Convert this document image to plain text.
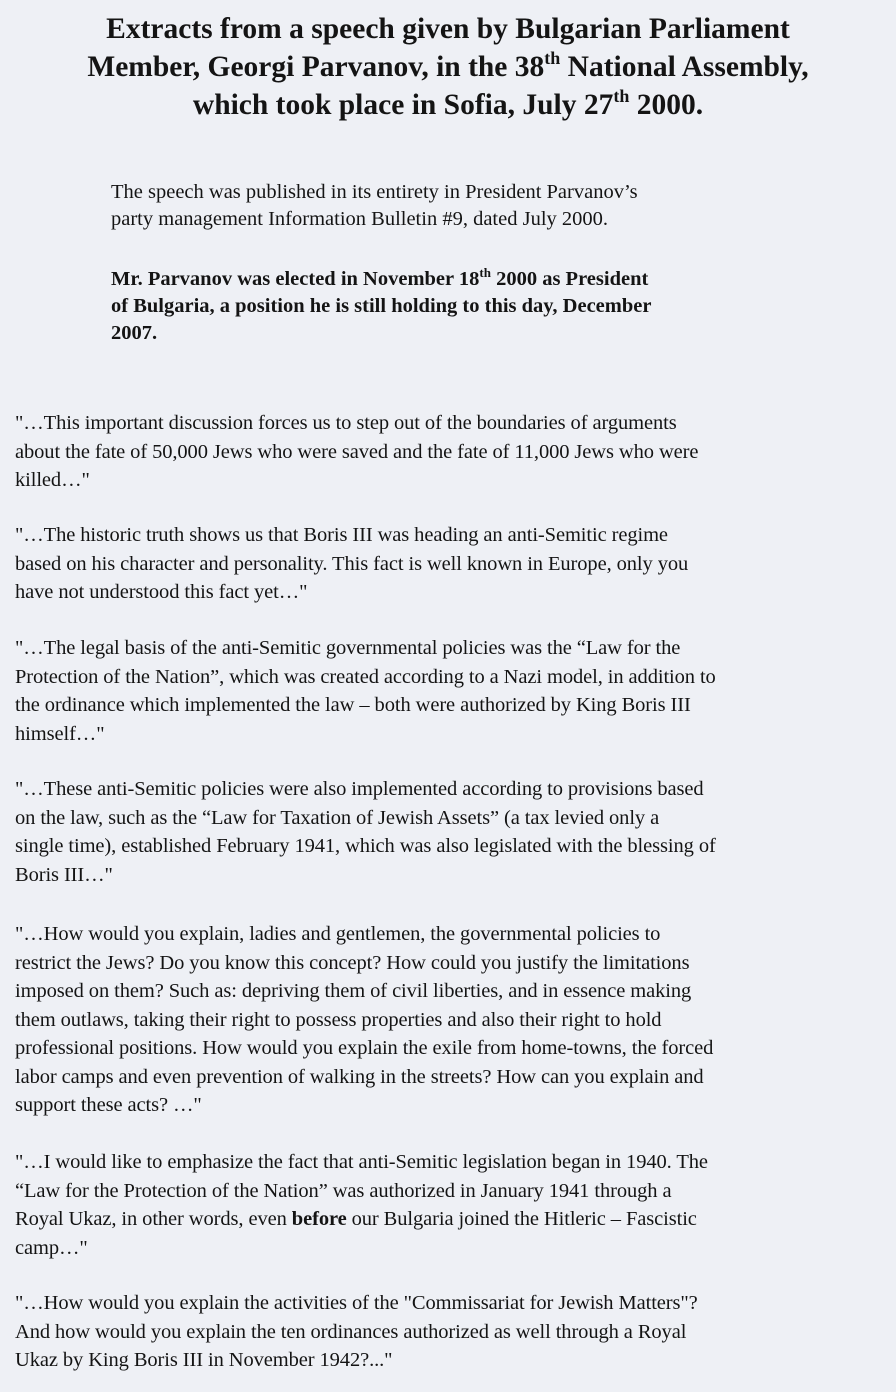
Extracts from a speech given by Bulgarian Parliament
Member, Georgi Parvanov, in the 38th National Assembly,
which took place in Sofia, July 27th 2000.
The speech was published in its entirety in President Parvanov’s
party management Information Bulletin #9, dated July 2000.
Mr. Parvanov was elected in November 18th 2000 as President
of Bulgaria, a position he is still holding to this day, December
2007.
"…This important discussion forces us to step out of the boundaries of arguments
about the fate of 50,000 Jews who were saved and the fate of 11,000 Jews who were
killed…"
"…The historic truth shows us that Boris III was heading an anti-Semitic regime
based on his character and personality. This fact is well known in Europe, only you
have not understood this fact yet…"
"…The legal basis of the anti-Semitic governmental policies was the “Law for the
Protection of the Nation”, which was created according to a Nazi model, in addition to
the ordinance which implemented the law – both were authorized by King Boris III
himself…"
"…These anti-Semitic policies were also implemented according to provisions based
on the law, such as the “Law for Taxation of Jewish Assets” (a tax levied only a
single time), established February 1941, which was also legislated with the blessing of
Boris III…"
"…How would you explain, ladies and gentlemen, the governmental policies to
restrict the Jews? Do you know this concept? How could you justify the limitations
imposed on them? Such as: depriving them of civil liberties, and in essence making
them outlaws, taking their right to possess properties and also their right to hold
professional positions. How would you explain the exile from home-towns, the forced
labor camps and even prevention of walking in the streets? How can you explain and
support these acts? …"
"…I would like to emphasize the fact that anti-Semitic legislation began in 1940. The
“Law for the Protection of the Nation” was authorized in January 1941 through a
Royal Ukaz, in other words, even before our Bulgaria joined the Hitleric – Fascistic
camp…"
"…How would you explain the activities of the "Commissariat for Jewish Matters"?
And how would you explain the ten ordinances authorized as well through a Royal
Ukaz by King Boris III in November 1942?..."
